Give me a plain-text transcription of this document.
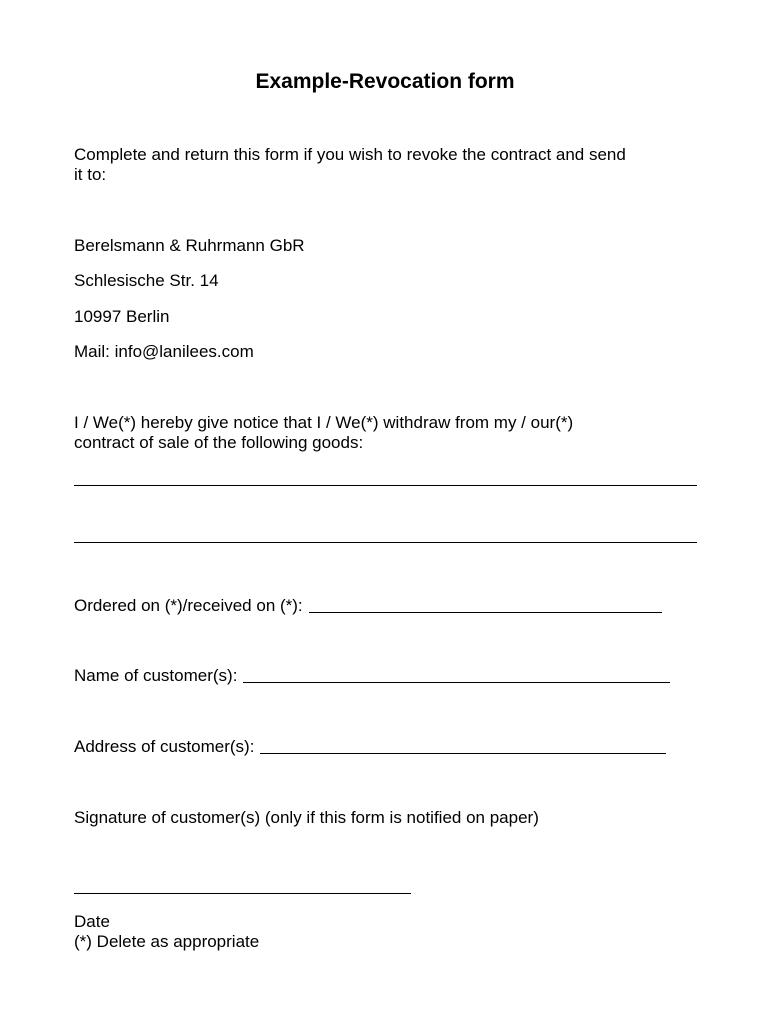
Example-Revocation form
Complete and return this form if you wish to revoke the contract and send
it to:
Berelsmann & Ruhrmann GbR
Schlesische Str. 14
10997 Berlin
Mail: info@lanilees.com
I / We(*) hereby give notice that I / We(*) withdraw from my / our(*)
contract of sale of the following goods:
Ordered on (*)/received on (*):
Name of customer(s):
Address of customer(s):
Signature of customer(s) (only if this form is notified on paper)
Date
(*) Delete as appropriate
